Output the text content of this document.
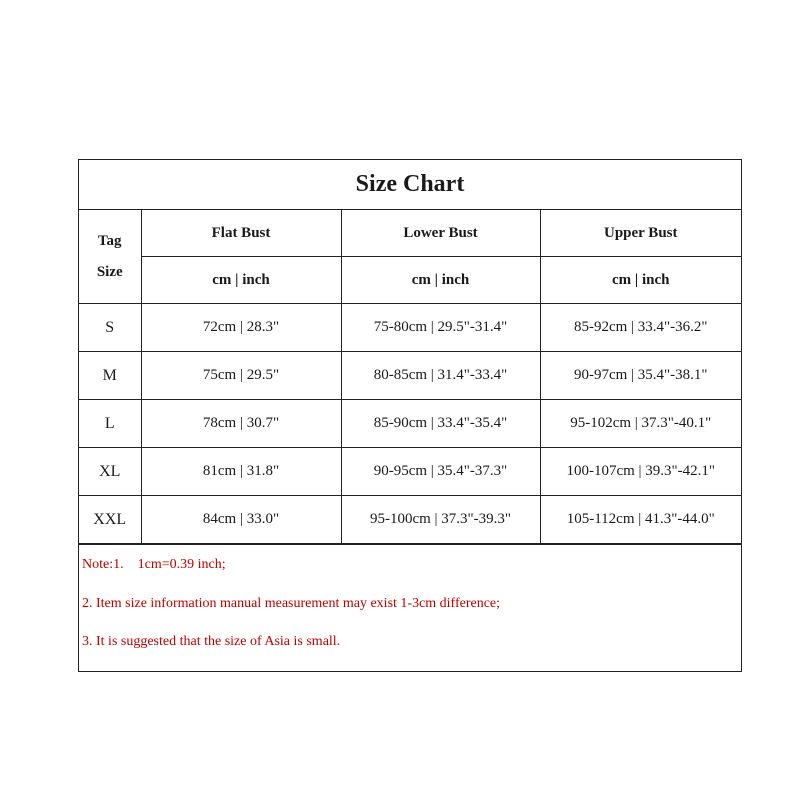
Size Chart
Tag
Size	Flat Bust	Lower Bust	Upper Bust
	cm | inch	cm | inch	cm | inch
S	72cm | 28.3"	75-80cm | 29.5"-31.4"	85-92cm | 33.4"-36.2"
M	75cm | 29.5"	80-85cm | 31.4"-33.4"	90-97cm | 35.4"-38.1"
L	78cm | 30.7"	85-90cm | 33.4"-35.4"	95-102cm | 37.3"-40.1"
XL	81cm | 31.8"	90-95cm | 35.4"-37.3"	100-107cm | 39.3"-42.1"
XXL	84cm | 33.0"	95-100cm | 37.3"-39.3"	105-112cm | 41.3"-44.0"
Note:1. 1cm=0.39 inch;
2. Item size information manual measurement may exist 1-3cm difference;
3. It is suggested that the size of Asia is small.
